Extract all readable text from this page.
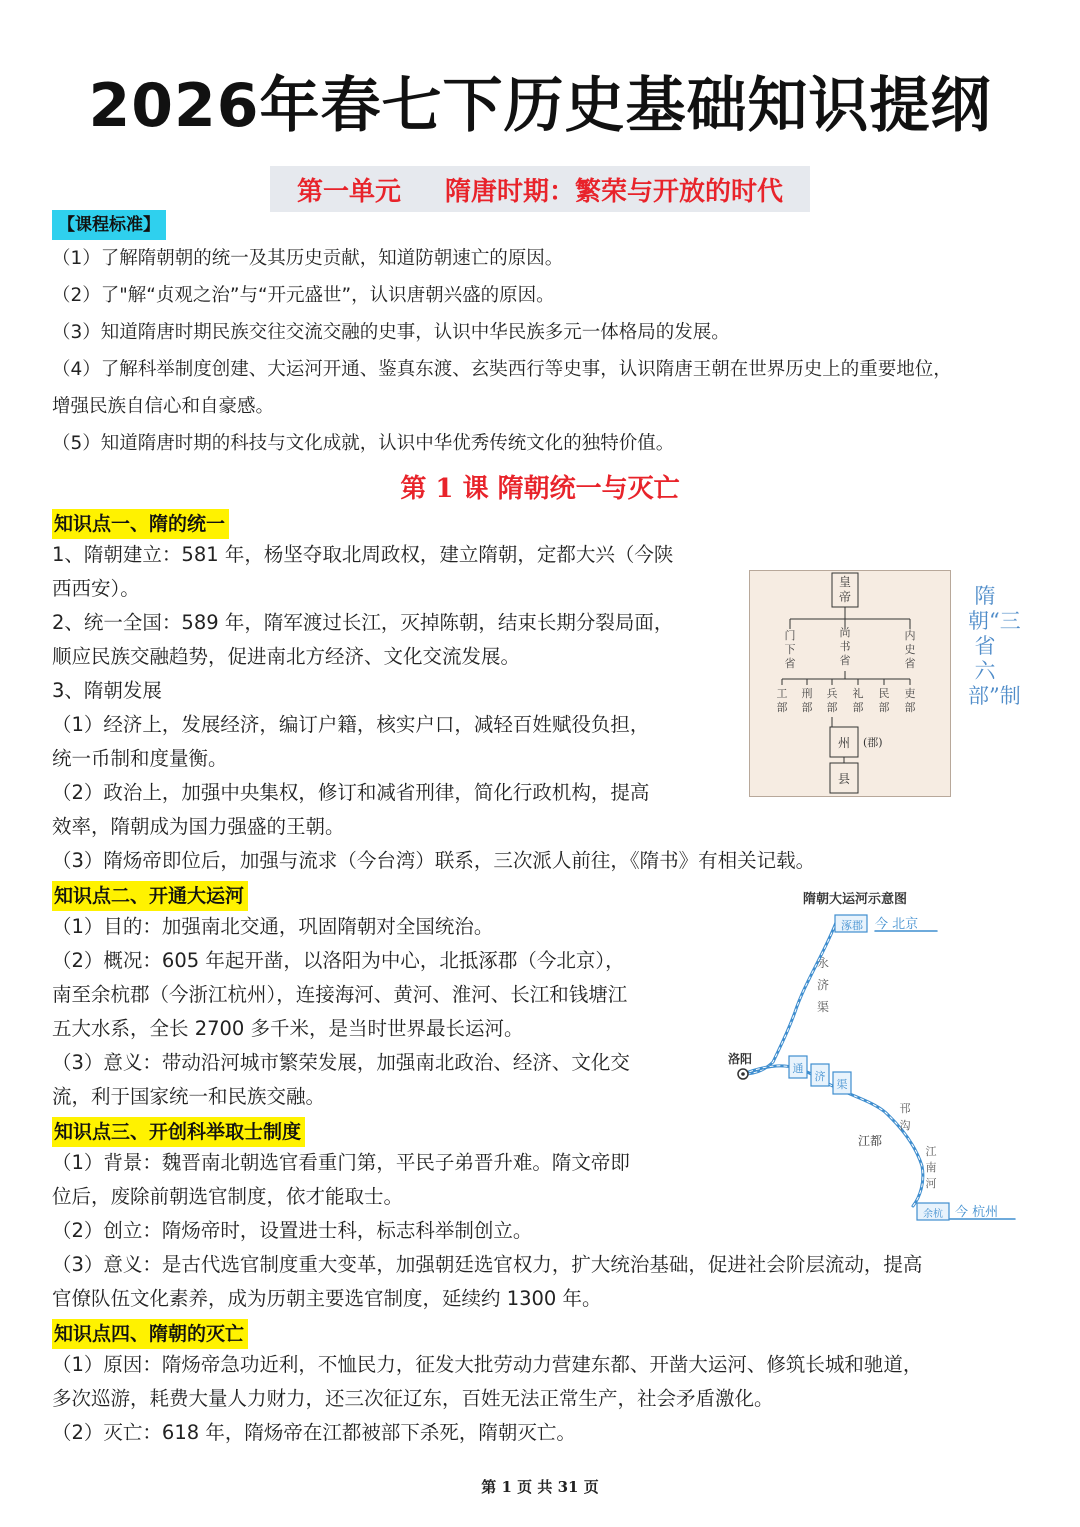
2026年春七下历史基础知识提纲
第一单元 隋唐时期：繁荣与开放的时代
【课程标准】
（1）了解隋朝朝的统一及其历史贡献，知道防朝速亡的原因。
（2）了"解“贞观之治”与“开元盛世”，认识唐朝兴盛的原因。
（3）知道隋唐时期民族交往交流交融的史事，认识中华民族多元一体格局的发展。
（4）了解科举制度创建、大运河开通、鉴真东渡、玄奘西行等史事，认识隋唐王朝在世界历史上的重要地位，
增强民族自信心和自豪感。
（5）知道隋唐时期的科技与文化成就，认识中华优秀传统文化的独特价值。
第 1 课 隋朝统一与灭亡
知识点一、隋的统一
1、隋朝建立：581 年，杨坚夺取北周政权，建立隋朝，定都大兴（今陕
西西安）。
2、统一全国：589 年，隋军渡过长江，灭掉陈朝，结束长期分裂局面，
顺应民族交融趋势，促进南北方经济、文化交流发展。
3、隋朝发展
（1）经济上，发展经济，编订户籍，核实户口，减轻百姓赋役负担，
统一币制和度量衡。
（2）政治上，加强中央集权，修订和减省刑律，简化行政机构，提高
效率，隋朝成为国力强盛的王朝。
（3）隋炀帝即位后，加强与流求（今台湾）联系，三次派人前往，《隋书》有相关记载。
知识点二、开通大运河
（1）目的：加强南北交通，巩固隋朝对全国统治。
（2）概况：605 年起开凿，以洛阳为中心，北抵涿郡（今北京），
南至余杭郡（今浙江杭州），连接海河、黄河、淮河、长江和钱塘江
五大水系，全长 2700 多千米，是当时世界最长运河。
（3）意义：带动沿河城市繁荣发展，加强南北政治、经济、文化交
流，利于国家统一和民族交融。
知识点三、开创科举取士制度
（1）背景：魏晋南北朝选官看重门第，平民子弟晋升难。隋文帝即
位后，废除前朝选官制度，依才能取士。
（2）创立：隋炀帝时，设置进士科，标志科举制创立。
（3）意义：是古代选官制度重大变革，加强朝廷选官权力，扩大统治基础，促进社会阶层流动，提高
官僚队伍文化素养，成为历朝主要选官制度，延续约 1300 年。
知识点四、隋朝的灭亡
（1）原因：隋炀帝急功近利，不恤民力，征发大批劳动力营建东都、开凿大运河、修筑长城和驰道，
多次巡游，耗费大量人力财力，还三次征辽东，百姓无法正常生产，社会矛盾激化。
（2）灭亡：618 年，隋炀帝在江都被部下杀死，隋朝灭亡。
皇帝
门下省
尚书省
内史省
工部
刑部
兵部
礼部
民部
吏部
州 (郡)
县
隋朝“三省六部”制
隋朝大运河示意图
涿郡 今 北京
永济渠
洛阳
通
济
渠
邗沟
江都
江南河
余杭 今 杭州
第 1 页 共 31 页
